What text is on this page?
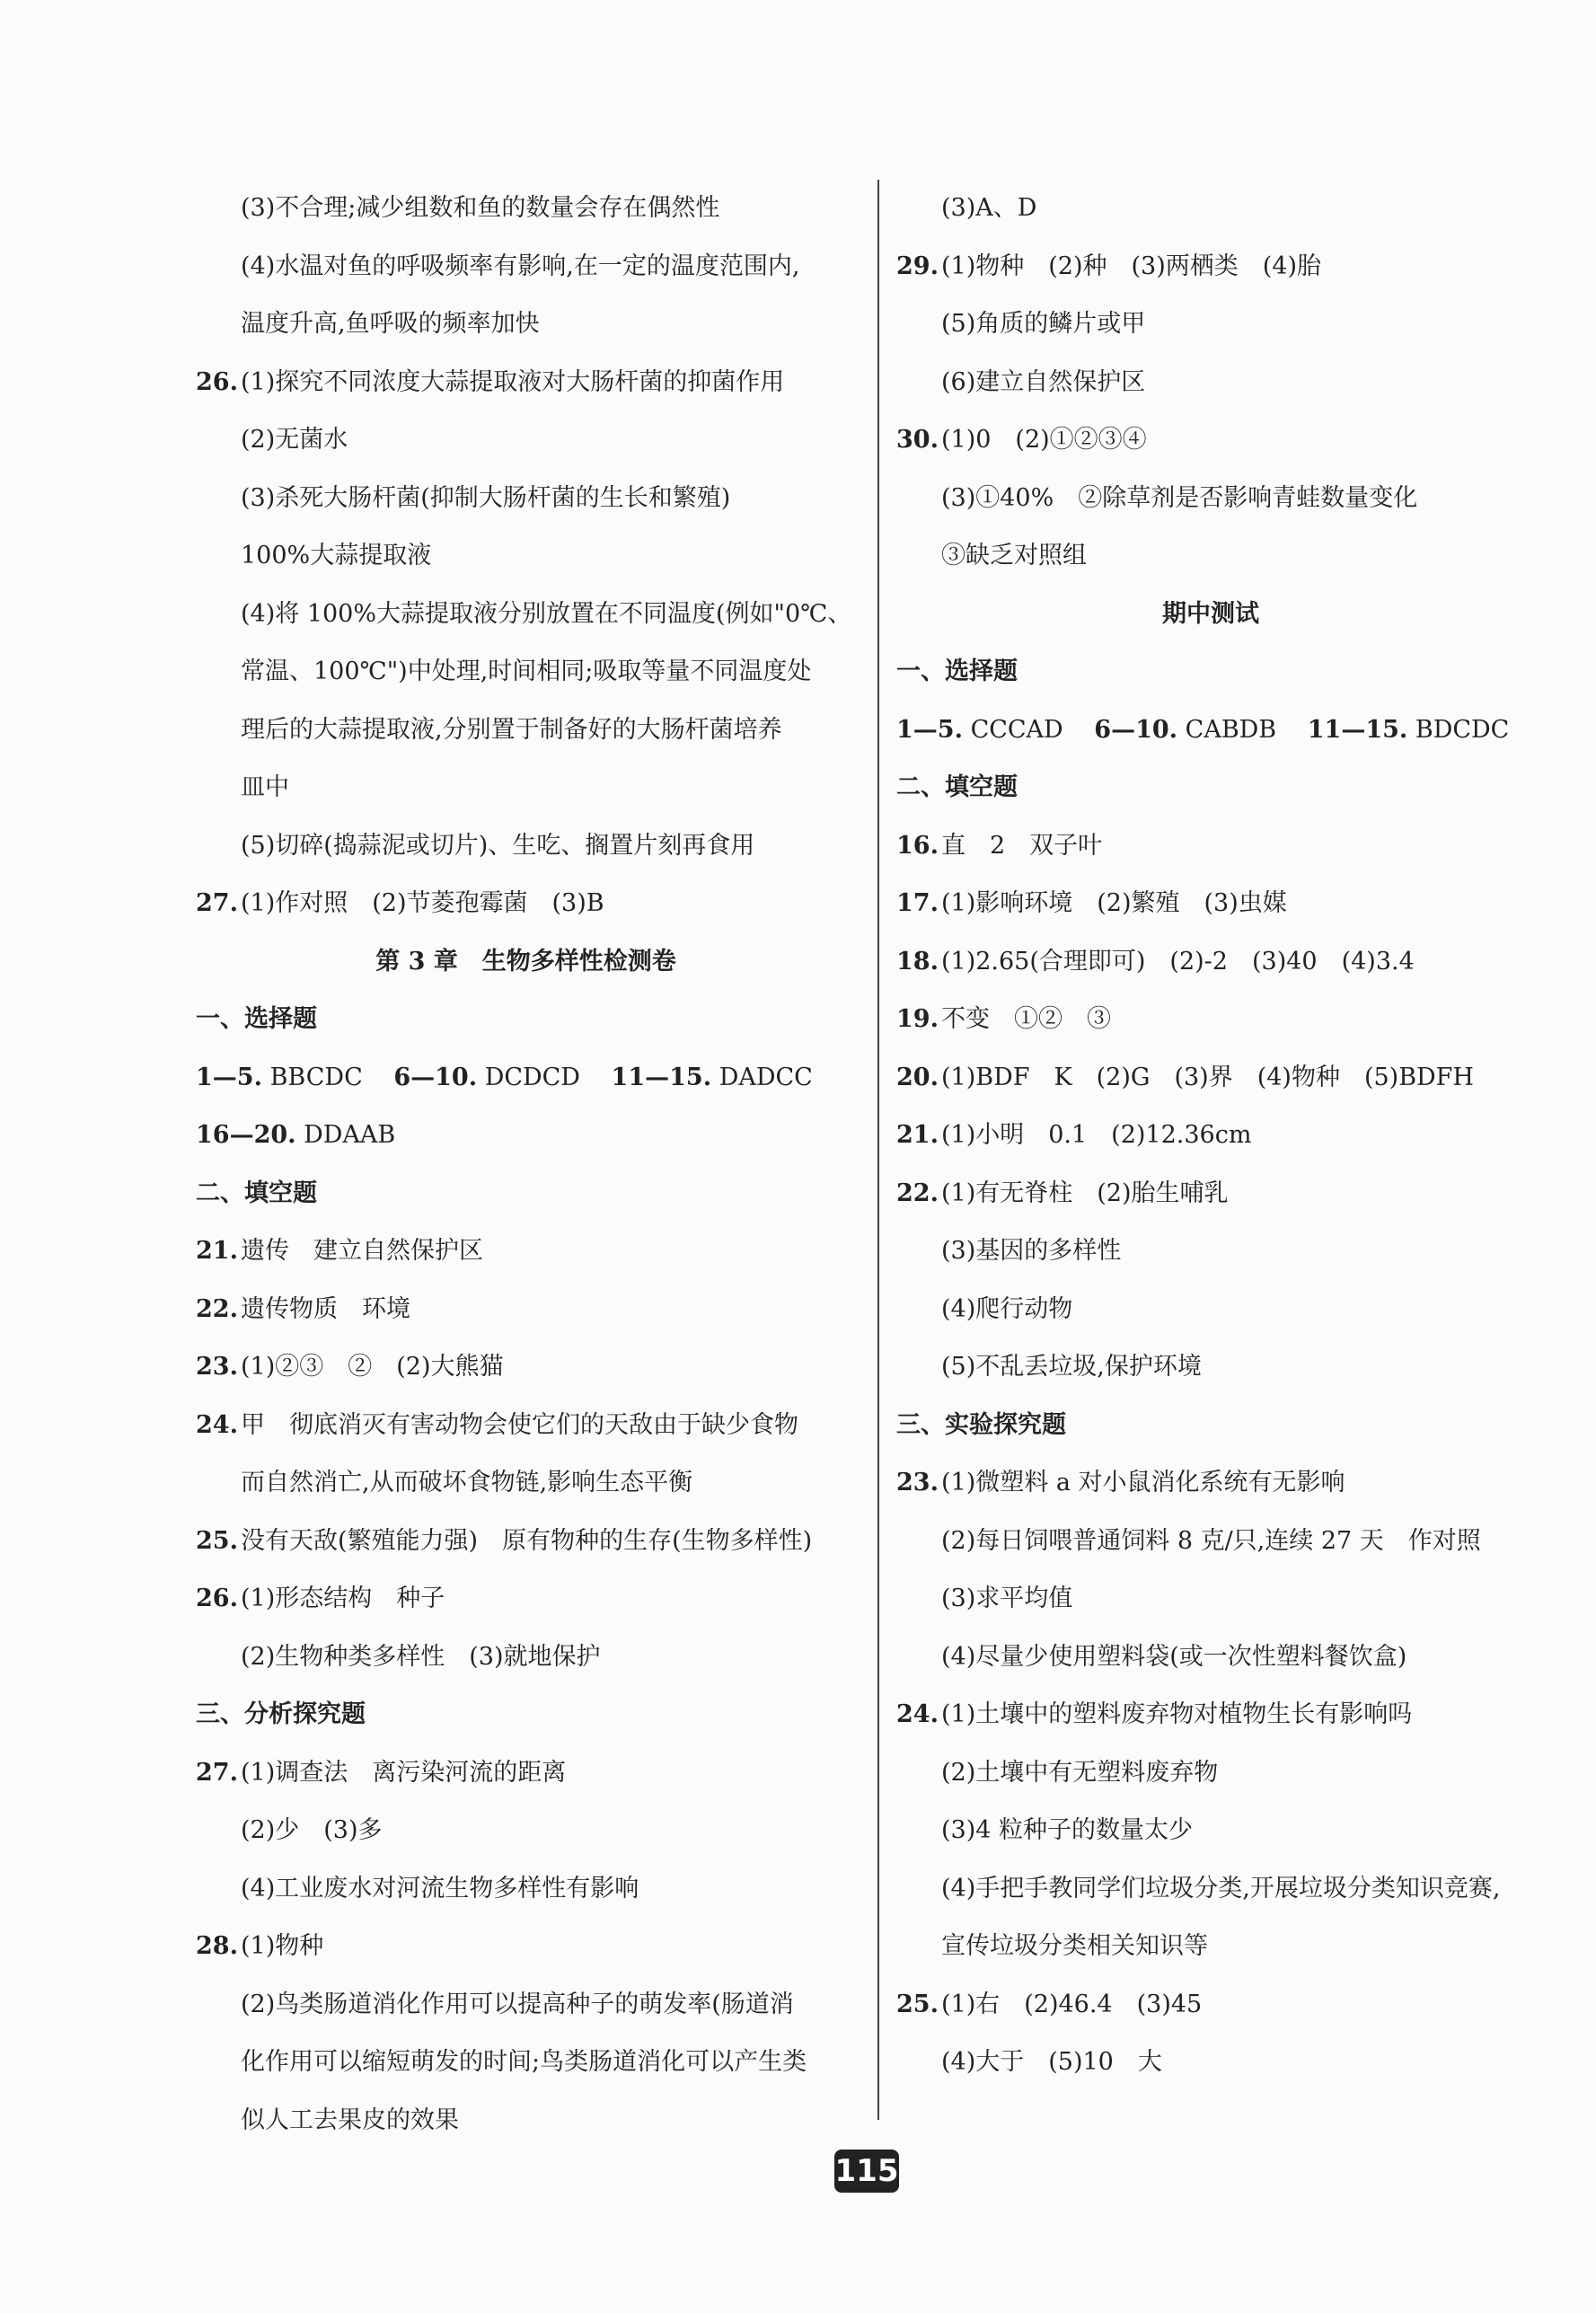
(3)不合理;减少组数和鱼的数量会存在偶然性
(4)水温对鱼的呼吸频率有影响,在一定的温度范围内,
温度升高,鱼呼吸的频率加快
26. (1)探究不同浓度大蒜提取液对大肠杆菌的抑菌作用
(2)无菌水
(3)杀死大肠杆菌(抑制大肠杆菌的生长和繁殖)
100%大蒜提取液
(4)将 100%大蒜提取液分别放置在不同温度(例如"0℃、
常温、100℃")中处理,时间相同;吸取等量不同温度处
理后的大蒜提取液,分别置于制备好的大肠杆菌培养
皿中
(5)切碎(捣蒜泥或切片)、生吃、搁置片刻再食用
27. (1)作对照　(2)节菱孢霉菌　(3)B
第 3 章　生物多样性检测卷
一、选择题
1—5. BBCDC 6—10. DCDCD 11—15. DADCC
16—20. DDAAB
二、填空题
21. 遗传　建立自然保护区
22. 遗传物质　环境
23. (1)②③　②　(2)大熊猫
24. 甲　彻底消灭有害动物会使它们的天敌由于缺少食物
而自然消亡,从而破坏食物链,影响生态平衡
25. 没有天敌(繁殖能力强)　原有物种的生存(生物多样性)
26. (1)形态结构　种子
(2)生物种类多样性　(3)就地保护
三、分析探究题
27. (1)调查法　离污染河流的距离
(2)少　(3)多
(4)工业废水对河流生物多样性有影响
28. (1)物种
(2)鸟类肠道消化作用可以提高种子的萌发率(肠道消
化作用可以缩短萌发的时间;鸟类肠道消化可以产生类
似人工去果皮的效果
(3)A、D
29. (1)物种　(2)种　(3)两栖类　(4)胎
(5)角质的鳞片或甲
(6)建立自然保护区
30. (1)0　(2)①②③④
(3)①40%　②除草剂是否影响青蛙数量变化
③缺乏对照组
期中测试
一、选择题
1—5. CCCAD 6—10. CABDB 11—15. BDCDC
二、填空题
16. 直　2　双子叶
17. (1)影响环境　(2)繁殖　(3)虫媒
18. (1)2.65(合理即可)　(2)-2　(3)40　(4)3.4
19. 不变　①②　③
20. (1)BDF　K　(2)G　(3)界　(4)物种　(5)BDFH
21. (1)小明　0.1　(2)12.36cm
22. (1)有无脊柱　(2)胎生哺乳
(3)基因的多样性
(4)爬行动物
(5)不乱丢垃圾,保护环境
三、实验探究题
23. (1)微塑料 a 对小鼠消化系统有无影响
(2)每日饲喂普通饲料 8 克/只,连续 27 天　作对照
(3)求平均值
(4)尽量少使用塑料袋(或一次性塑料餐饮盒)
24. (1)土壤中的塑料废弃物对植物生长有影响吗
(2)土壤中有无塑料废弃物
(3)4 粒种子的数量太少
(4)手把手教同学们垃圾分类,开展垃圾分类知识竞赛,
宣传垃圾分类相关知识等
25. (1)右　(2)46.4　(3)45
(4)大于　(5)10　大
115
